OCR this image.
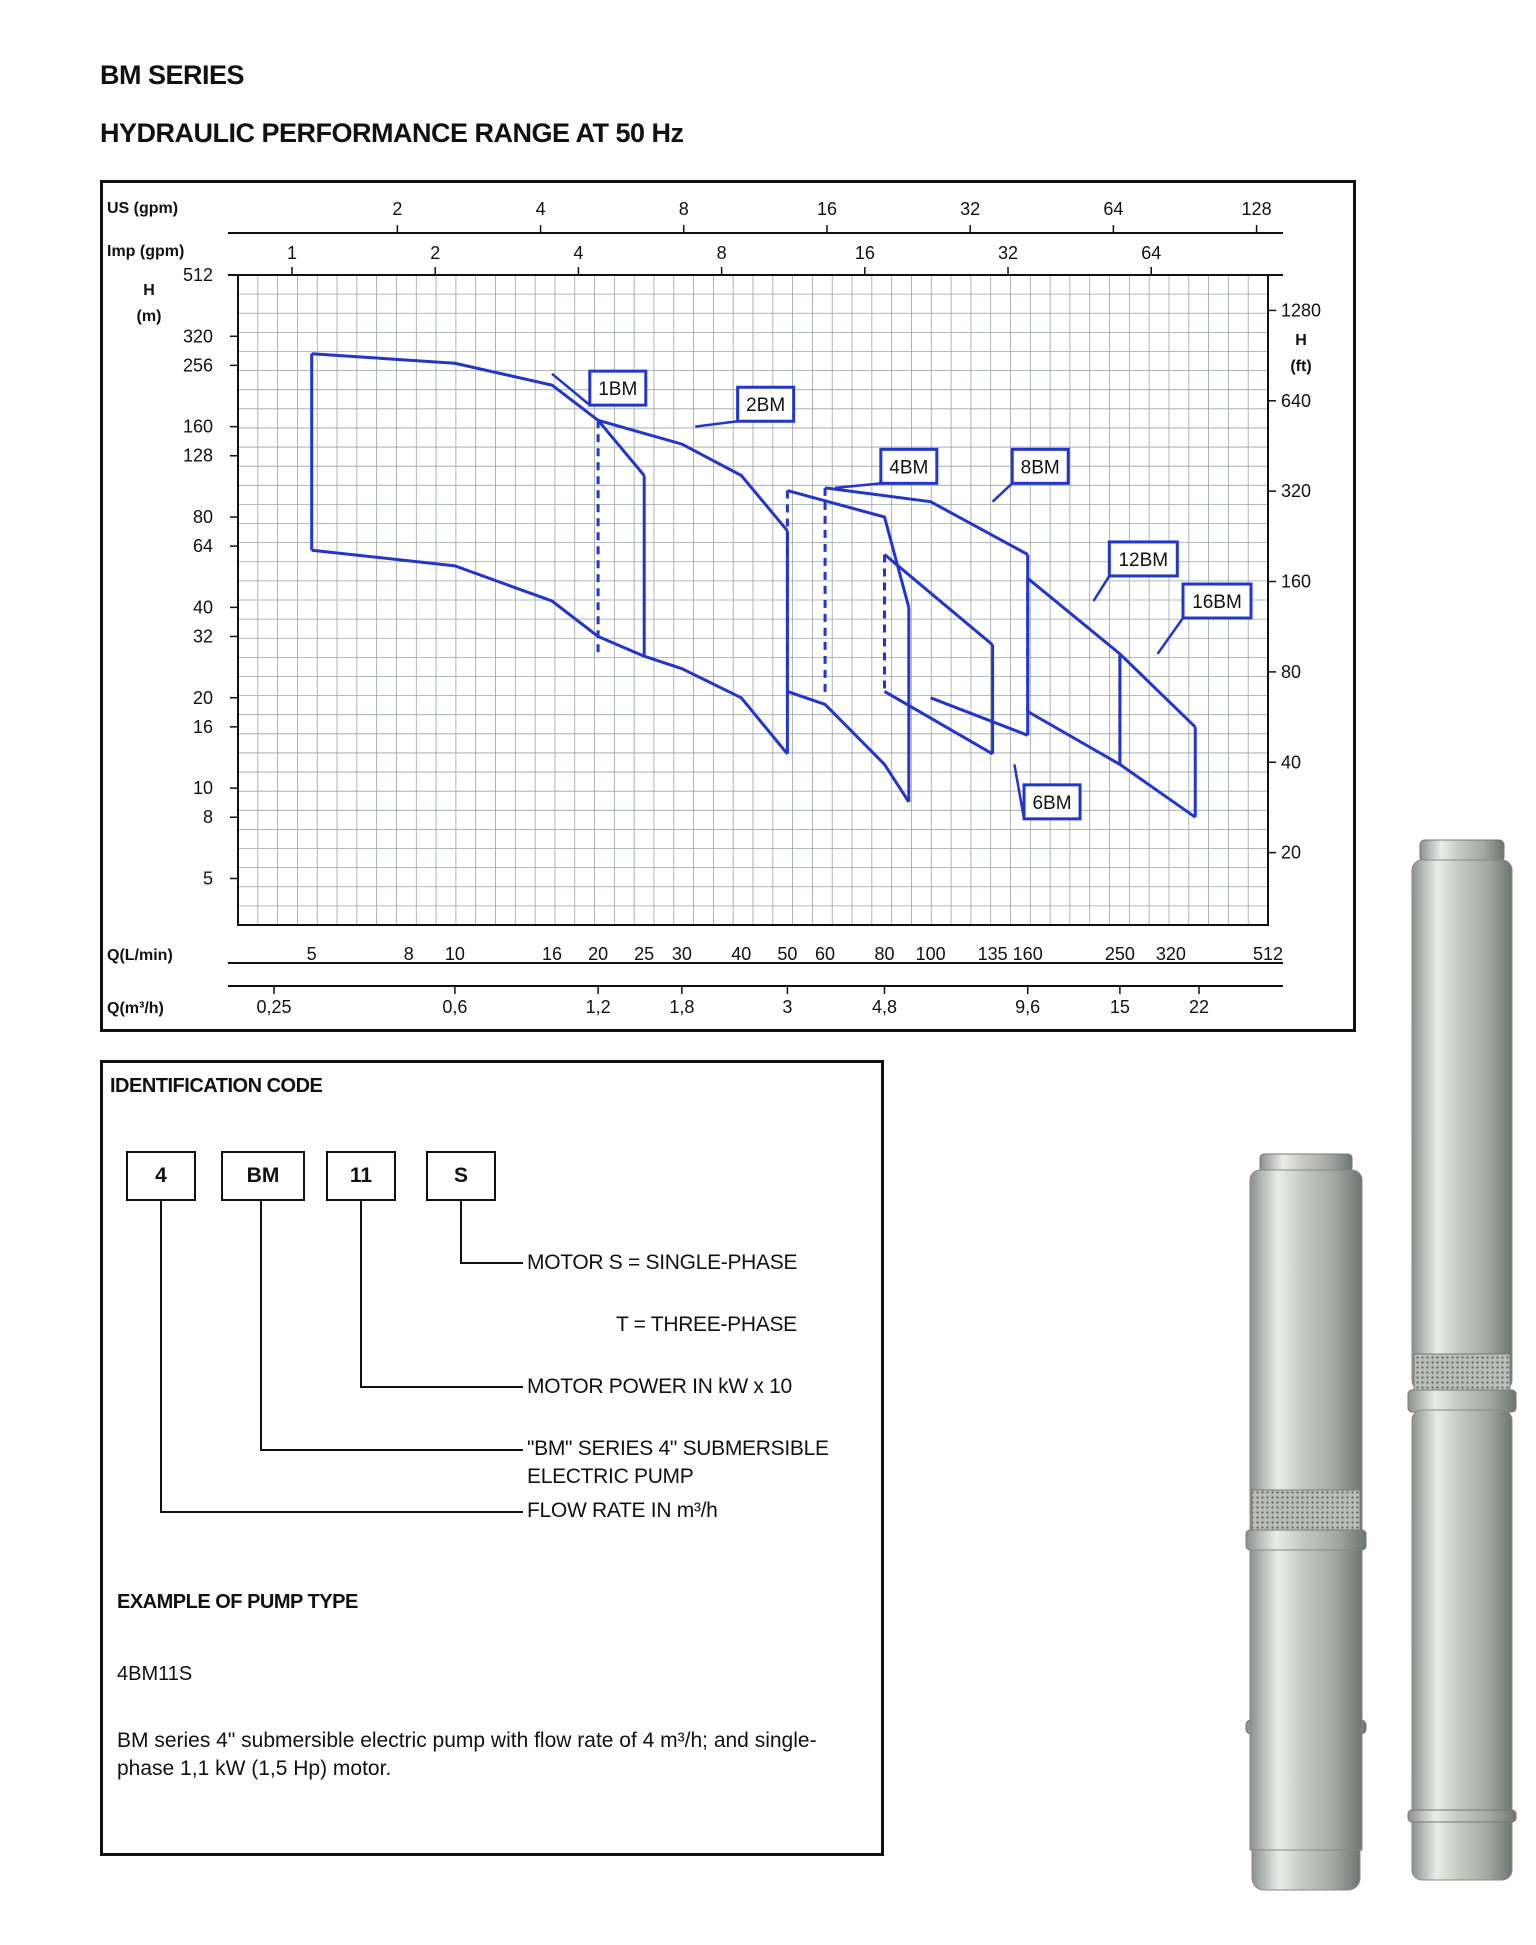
BM SERIES
HYDRAULIC PERFORMANCE RANGE AT 50 Hz
US (gpm)	2	4	8	16	32	64	128
Imp (gpm)	1	2	4	8	16	32	64
H
(m)
512
320
256
160
128
80
64
40
32
20
16
10
8
5
H
(ft)
1280
640
320
160
80
40
20
Q(L/min)	5	8 10	16 20 25 30 40 50 60 80 100 135 160	250 320	512
Q(m³/h)	0,25	0,6	1,2	1,8	3	4,8	9,6	15	22
1BM
2BM
4BM
6BM
8BM
12BM
16BM
IDENTIFICATION CODE
4	BM	11	S
MOTOR S = SINGLE-PHASE
T = THREE-PHASE
MOTOR POWER IN kW x 10
"BM" SERIES 4" SUBMERSIBLE
ELECTRIC PUMP
FLOW RATE IN m³/h
EXAMPLE OF PUMP TYPE
4BM11S
BM series 4" submersible electric pump with flow rate of 4 m³/h; and single-phase 1,1 kW (1,5 Hp) motor.
